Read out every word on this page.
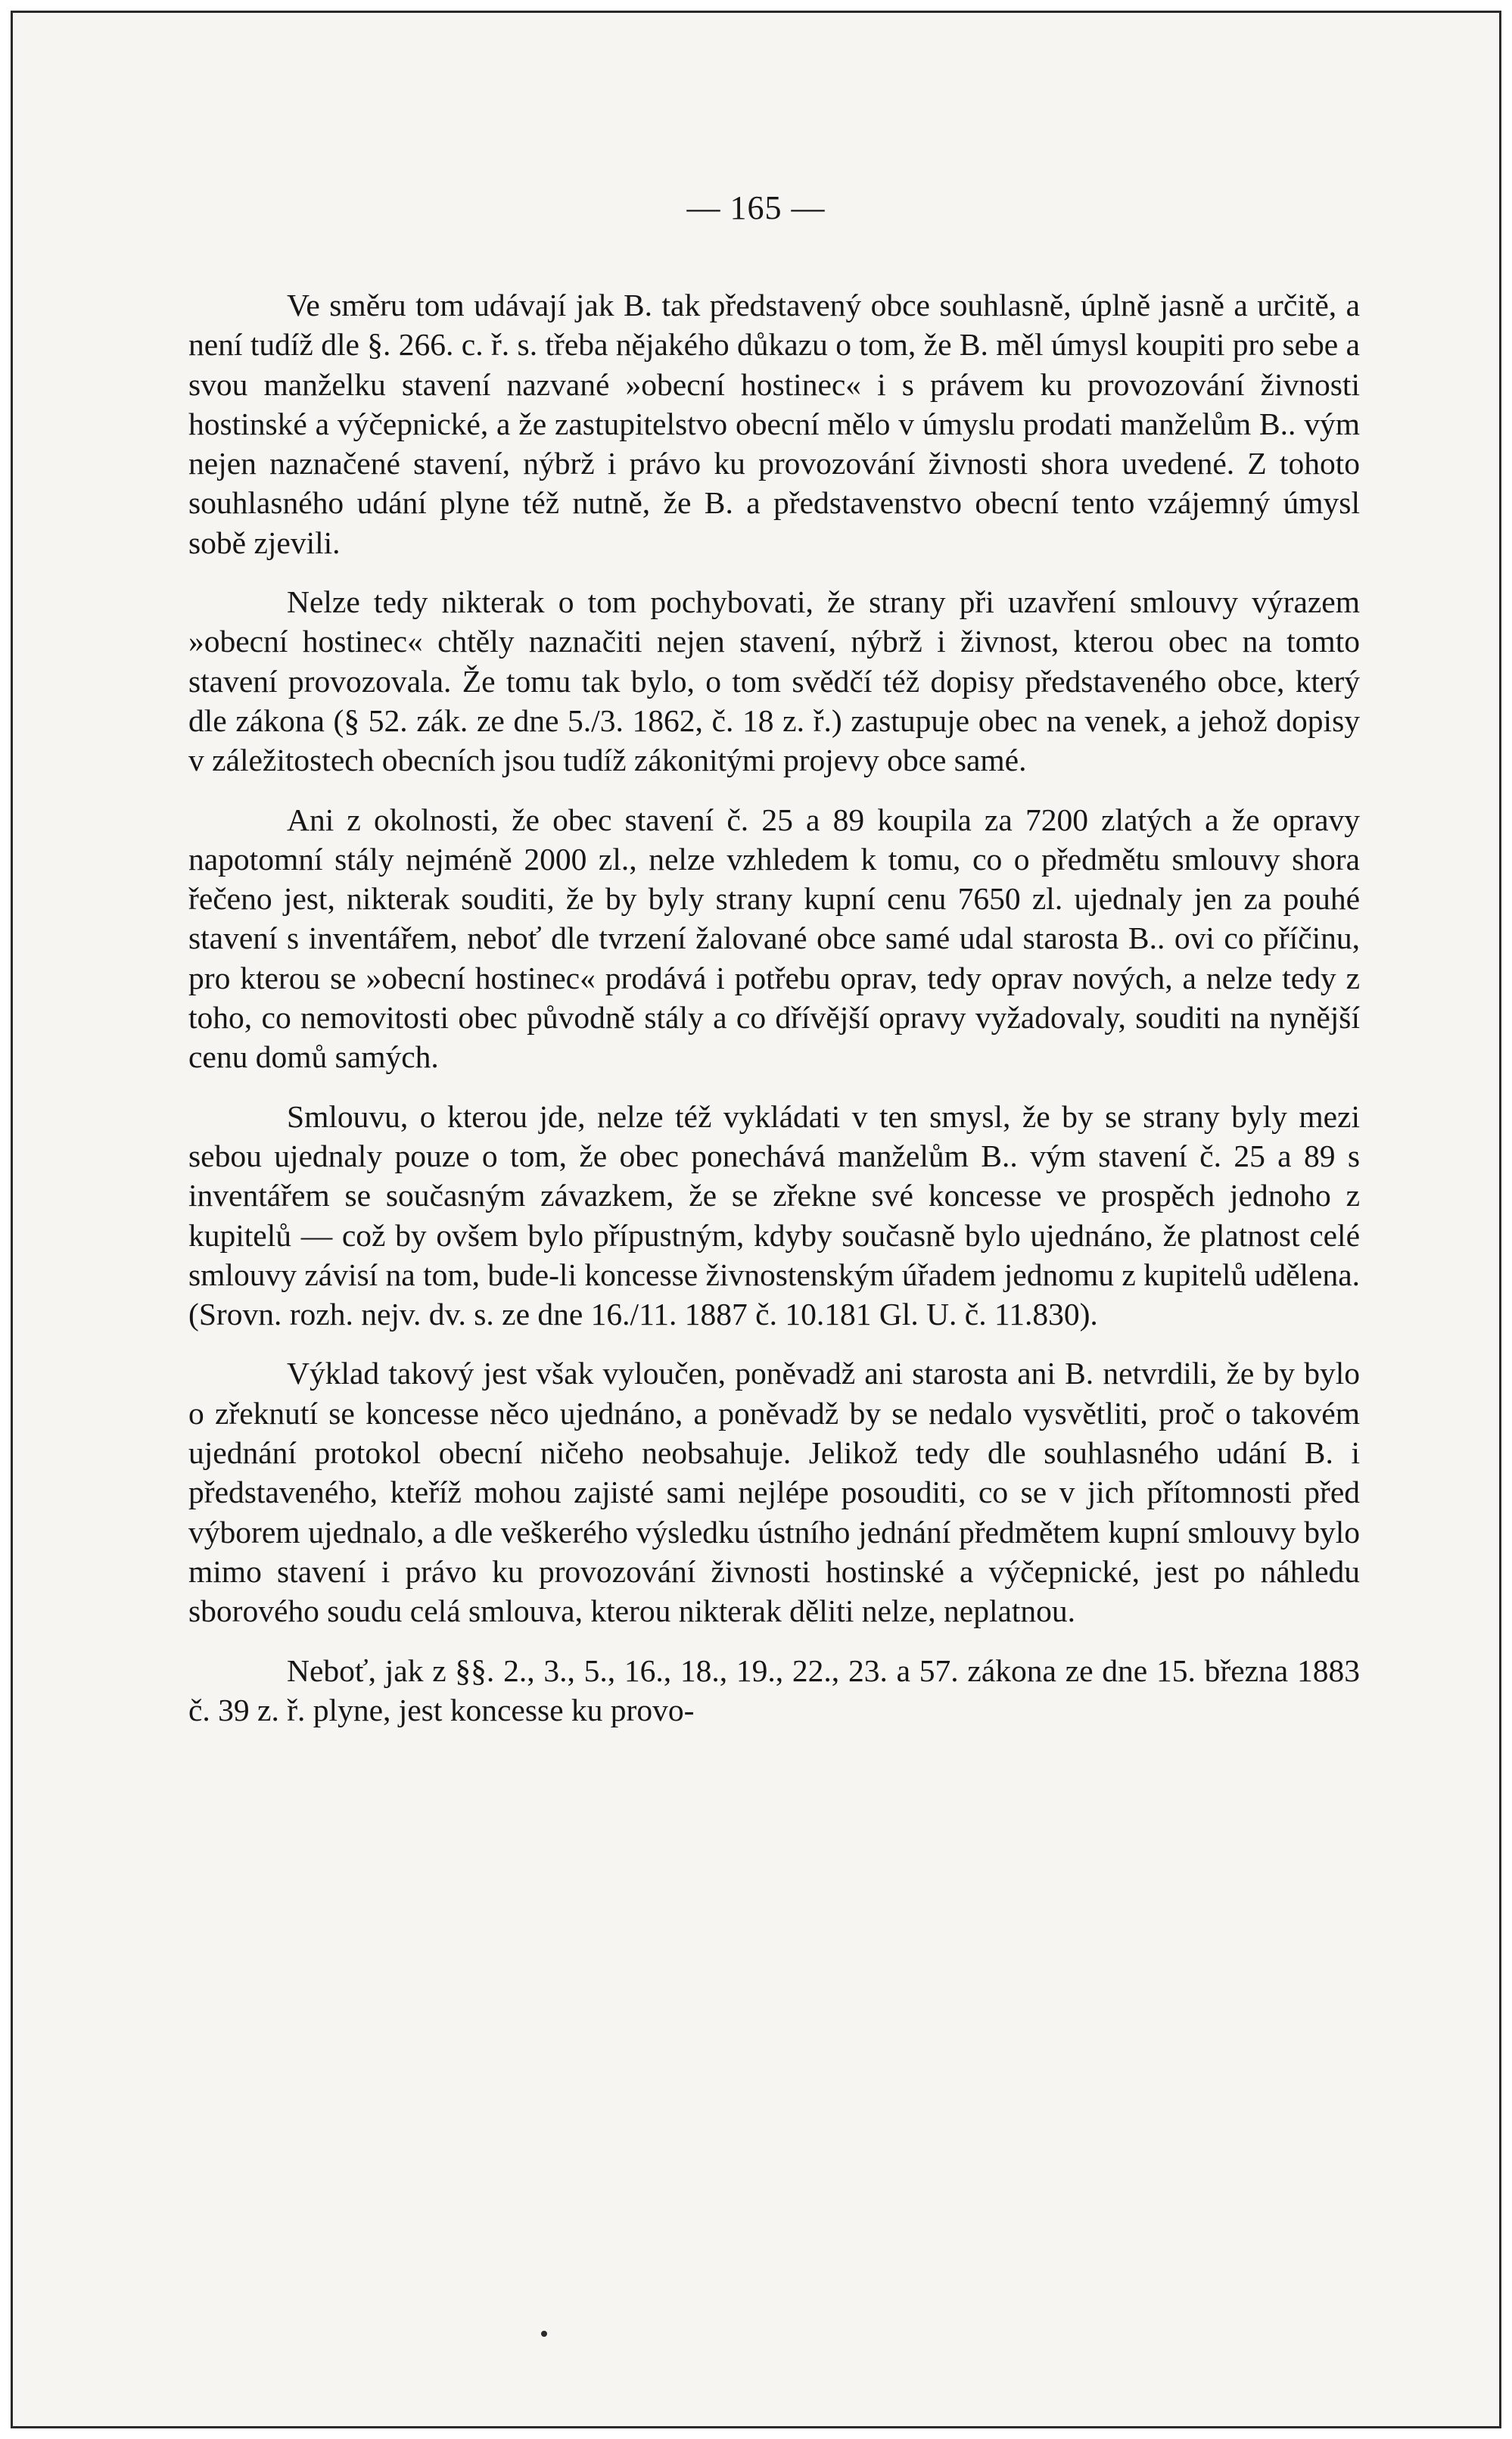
— 165 —

Ve směru tom udávají jak B. tak představený obce souhlasně, úplně jasně a určitě, a není tudíž dle §. 266. c. ř. s. třeba nějakého důkazu o tom, že B. měl úmysl koupiti pro sebe a svou manželku stavení nazvané »obecní hostinec« i s právem ku provozování živnosti hostinské a výčepnické, a že zastupitelstvo obecní mělo v úmyslu prodati manželům B.. vým nejen naznačené stavení, nýbrž i právo ku provozování živnosti shora uvedené. Z tohoto souhlasného udání plyne též nutně, že B. a představenstvo obecní tento vzájemný úmysl sobě zjevili.

Nelze tedy nikterak o tom pochybovati, že strany při uzavření smlouvy výrazem »obecní hostinec« chtěly naznačiti nejen stavení, nýbrž i živnost, kterou obec na tomto stavení provozovala. Že tomu tak bylo, o tom svědčí též dopisy představeného obce, který dle zákona (§ 52. zák. ze dne 5./3. 1862, č. 18 z. ř.) zastupuje obec na venek, a jehož dopisy v záležitostech obecních jsou tudíž zákonitými projevy obce samé.

Ani z okolnosti, že obec stavení č. 25 a 89 koupila za 7200 zlatých a že opravy napotomní stály nejméně 2000 zl., nelze vzhledem k tomu, co o předmětu smlouvy shora řečeno jest, nikterak souditi, že by byly strany kupní cenu 7650 zl. ujednaly jen za pouhé stavení s inventářem, neboť dle tvrzení žalované obce samé udal starosta B.. ovi co příčinu, pro kterou se »obecní hostinec« prodává i potřebu oprav, tedy oprav nových, a nelze tedy z toho, co nemovitosti obec původně stály a co dřívější opravy vyžadovaly, souditi na nynější cenu domů samých.

Smlouvu, o kterou jde, nelze též vykládati v ten smysl, že by se strany byly mezi sebou ujednaly pouze o tom, že obec ponechává manželům B.. vým stavení č. 25 a 89 s inventářem se současným závazkem, že se zřekne své koncesse ve prospěch jednoho z kupitelů — což by ovšem bylo přípustným, kdyby současně bylo ujednáno, že platnost celé smlouvy závisí na tom, bude-li koncesse živnostenským úřadem jednomu z kupitelů udělena. (Srovn. rozh. nejv. dv. s. ze dne 16./11. 1887 č. 10.181 Gl. U. č. 11.830).

Výklad takový jest však vyloučen, poněvadž ani starosta ani B. netvrdili, že by bylo o zřeknutí se koncesse něco ujednáno, a poněvadž by se nedalo vysvětliti, proč o takovém ujednání protokol obecní ničeho neobsahuje. Jelikož tedy dle souhlasného udání B. i představeného, kteříž mohou zajisté sami nejlépe posouditi, co se v jich přítomnosti před výborem ujednalo, a dle veškerého výsledku ústního jednání předmětem kupní smlouvy bylo mimo stavení i právo ku provozování živnosti hostinské a výčepnické, jest po náhledu sborového soudu celá smlouva, kterou nikterak děliti nelze, neplatnou.

Neboť, jak z §§. 2., 3., 5., 16., 18., 19., 22., 23. a 57. zákona ze dne 15. března 1883 č. 39 z. ř. plyne, jest koncesse ku provo-
